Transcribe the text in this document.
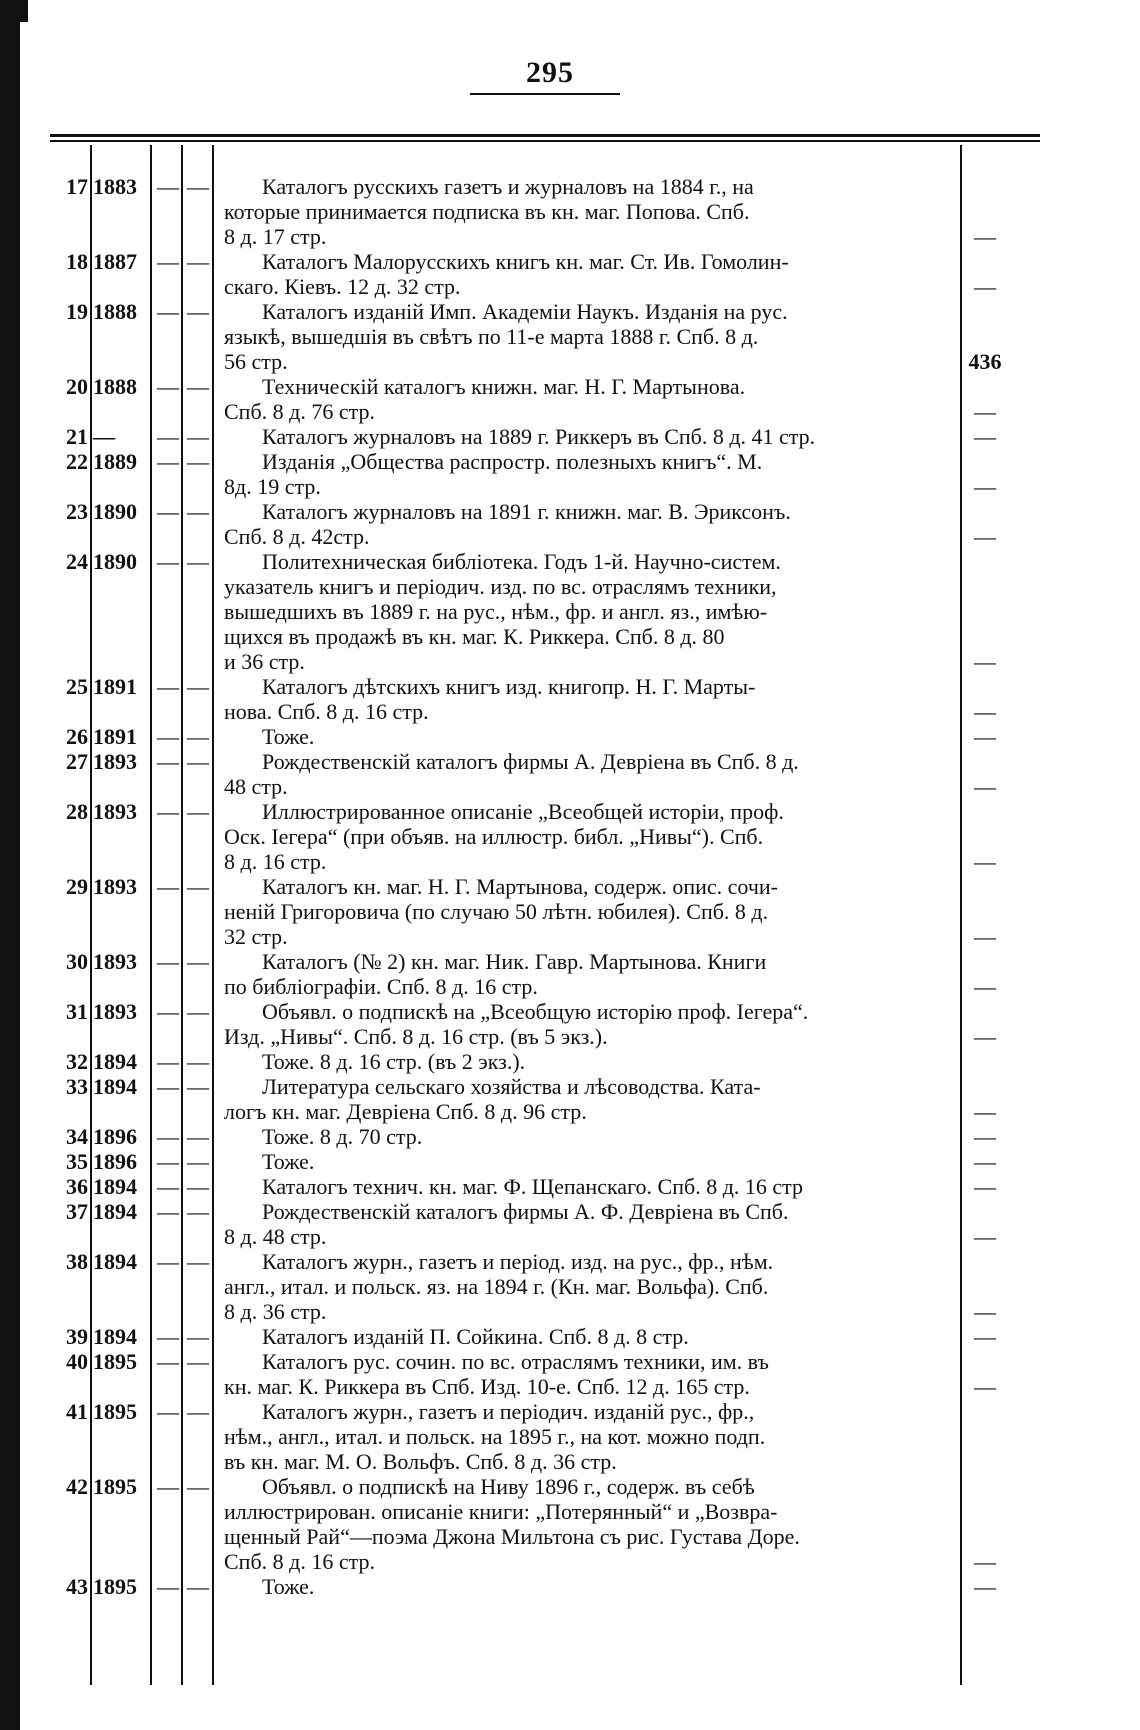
295
17 1883 — —	Каталогъ русскихъ газетъ и журналовъ на 1884 г., на
которые принимается подписка въ кн. маг. Попова. Спб.
8 д. 17 стр.	—
18 1887 — —	Каталогъ Малорусскихъ книгъ кн. маг. Ст. Ив. Гомолин-
скаго. Кіевъ. 12 д. 32 стр.	—
19 1888 — —	Каталогъ изданій Имп. Академіи Наукъ. Изданія на рус.
языкѣ, вышедшія въ свѣтъ по 11-е марта 1888 г. Спб. 8 д.
56 стр.	436
20 1888 — —	Техническій каталогъ книжн. маг. Н. Г. Мартынова.
Спб. 8 д. 76 стр.	—
21 —	— —	Каталогъ журналовъ на 1889 г. Риккеръ въ Спб. 8 д. 41 стр.	—
22 1889 — —	Изданія „Общества распростр. полезныхъ книгъ“. М.
8д. 19 стр.	—
23 1890 — —	Каталогъ журналовъ на 1891 г. книжн. маг. В. Эриксонъ.
Спб. 8 д. 42стр.	—
24 1890 — —	Политехническая библіотека. Годъ 1-й. Научно-систем.
указатель книгъ и періодич. изд. по вс. отраслямъ техники,
вышедшихъ въ 1889 г. на рус., нѣм., фр. и англ. яз., имѣю-
щихся въ продажѣ въ кн. маг. К. Риккера. Спб. 8 д. 80
и 36 стр.	—
25 1891 — —	Каталогъ дѣтскихъ книгъ изд. книгопр. Н. Г. Марты-
нова. Спб. 8 д. 16 стр.	—
26 1891 — —	Тоже.	—
27 1893 — —	Рождественскій каталогъ фирмы А. Девріена въ Спб. 8 д.
48 стр.	—
28 1893 — —	Иллюстрированное описаніе „Всеобщей исторіи, проф.
Оск. Іегера“ (при объяв. на иллюстр. библ. „Нивы“). Спб.
8 д. 16 стр.	—
29 1893 — —	Каталогъ кн. маг. Н. Г. Мартынова, содерж. опис. сочи-
неній Григоровича (по случаю 50 лѣтн. юбилея). Спб. 8 д.
32 стр.	—
30 1893 — —	Каталогъ (№ 2) кн. маг. Ник. Гавр. Мартынова. Книги
по библіографіи. Спб. 8 д. 16 стр.	—
31 1893 — —	Объявл. о подпискѣ на „Всеобщую исторію проф. Іегера“.
Изд. „Нивы“. Спб. 8 д. 16 стр. (въ 5 экз.).	—
32 1894 — —	Тоже. 8 д. 16 стр. (въ 2 экз.).
33 1894 — —	Литература сельскаго хозяйства и лѣсоводства. Ката-
логъ кн. маг. Девріена Спб. 8 д. 96 стр.	—
34 1896 — —	Тоже. 8 д. 70 стр.	—
35 1896 — —	Тоже.	—
36 1894 — —	Каталогъ технич. кн. маг. Ф. Щепанскаго. Спб. 8 д. 16 стр	—
37 1894 — —	Рождественскій каталогъ фирмы А. Ф. Девріена въ Спб.
8 д. 48 стр.	—
38 1894 — —	Каталогъ журн., газетъ и період. изд. на рус., фр., нѣм.
англ., итал. и польск. яз. на 1894 г. (Кн. маг. Вольфа). Спб.
8 д. 36 стр.	—
39 1894 — —	Каталогъ изданій П. Сойкина. Спб. 8 д. 8 стр.	—
40 1895 — —	Каталогъ рус. сочин. по вс. отраслямъ техники, им. въ
кн. маг. К. Риккера въ Спб. Изд. 10-е. Спб. 12 д. 165 стр.	—
41 1895 — —	Каталогъ журн., газетъ и періодич. изданій рус., фр.,
нѣм., англ., итал. и польск. на 1895 г., на кот. можно подп.
въ кн. маг. М. О. Вольфъ. Спб. 8 д. 36 стр.
42 1895 — —	Объявл. о подпискѣ на Ниву 1896 г., содерж. въ себѣ
иллюстрирован. описаніе книги: „Потерянный“ и „Возвра-
щенный Рай“—поэма Джона Мильтона съ рис. Густава Доре.
Спб. 8 д. 16 стр.	—
43 1895 — —	Тоже.	—
